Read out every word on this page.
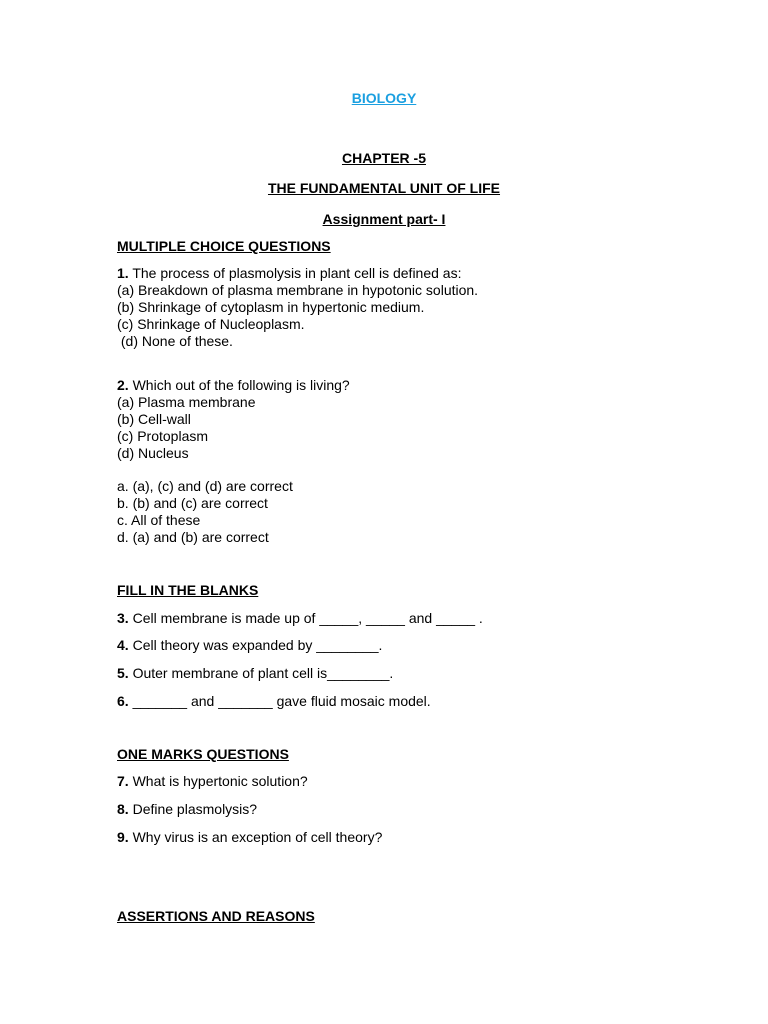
BIOLOGY
CHAPTER -5
THE FUNDAMENTAL UNIT OF LIFE
Assignment part- I
MULTIPLE CHOICE QUESTIONS
1. The process of plasmolysis in plant cell is defined as:
(a) Breakdown of plasma membrane in hypotonic solution.
(b) Shrinkage of cytoplasm in hypertonic medium.
(c) Shrinkage of Nucleoplasm.
(d) None of these.
2. Which out of the following is living?
(a) Plasma membrane
(b) Cell-wall
(c) Protoplasm
(d) Nucleus
a. (a), (c) and (d) are correct
b. (b) and (c) are correct
c. All of these
d. (a) and (b) are correct
FILL IN THE BLANKS
3. Cell membrane is made up of _____, _____ and _____ .
4. Cell theory was expanded by ________.
5. Outer membrane of plant cell is________.
6. _______ and _______ gave fluid mosaic model.
ONE MARKS QUESTIONS
7. What is hypertonic solution?
8. Define plasmolysis?
9. Why virus is an exception of cell theory?
ASSERTIONS AND REASONS
